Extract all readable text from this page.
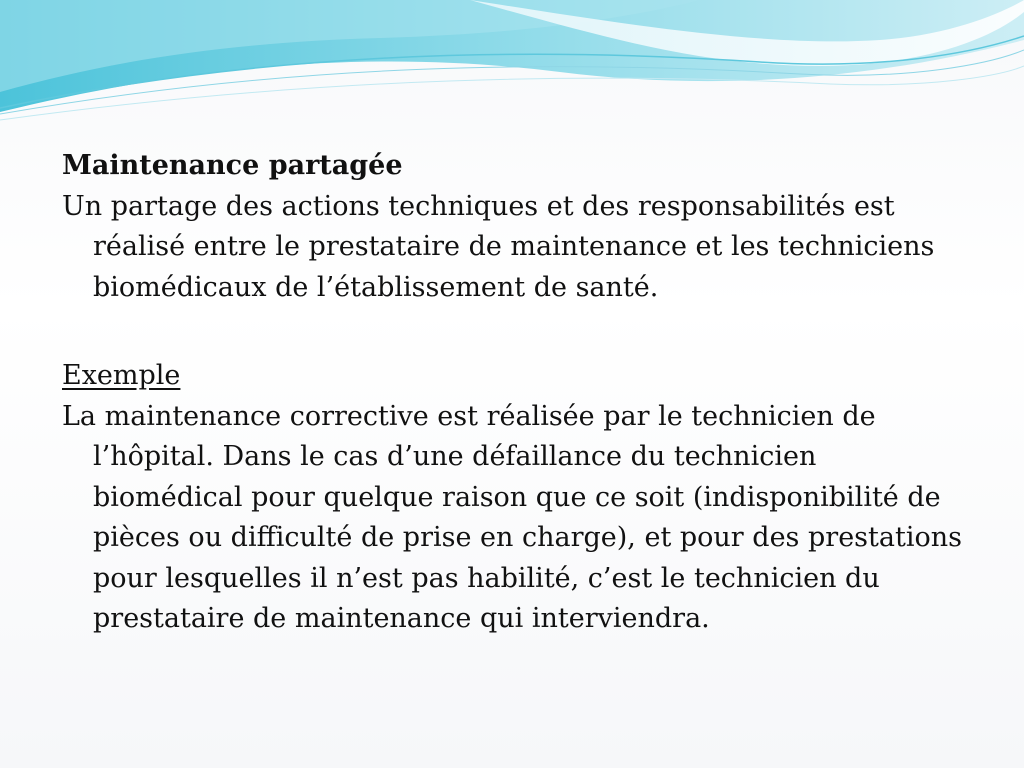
Maintenance partagée

Un partage des actions techniques et des responsabilités est réalisé entre le prestataire de maintenance et les techniciens biomédicaux de l’établissement de santé.

Exemple

La maintenance corrective est réalisée par le technicien de l’hôpital. Dans le cas d’une défaillance du technicien biomédical pour quelque raison que ce soit (indisponibilité de pièces ou difficulté de prise en charge), et pour des prestations pour lesquelles il n’est pas habilité, c’est le technicien du prestataire de maintenance qui interviendra.
